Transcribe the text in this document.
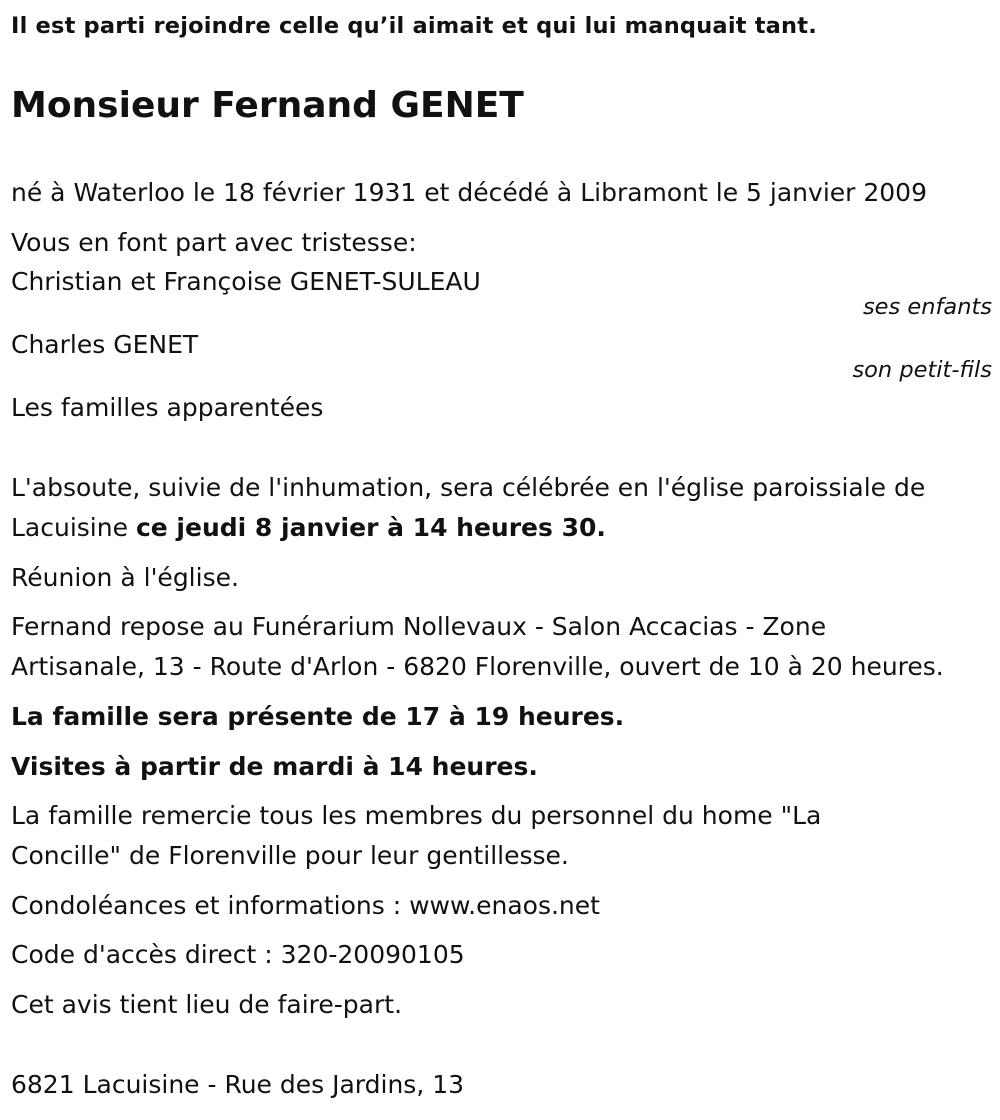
Il est parti rejoindre celle qu’il aimait et qui lui manquait tant.
Monsieur Fernand GENET
né à Waterloo le 18 février 1931 et décédé à Libramont le 5 janvier 2009
Vous en font part avec tristesse:
Christian et Françoise GENET-SULEAU
ses enfants
Charles GENET
son petit-fils
Les familles apparentées
L'absoute, suivie de l'inhumation, sera célébrée en l'église paroissiale de
Lacuisine ce jeudi 8 janvier à 14 heures 30.
Réunion à l'église.
Fernand repose au Funérarium Nollevaux - Salon Accacias - Zone
Artisanale, 13 - Route d'Arlon - 6820 Florenville, ouvert de 10 à 20 heures.
La famille sera présente de 17 à 19 heures.
Visites à partir de mardi à 14 heures.
La famille remercie tous les membres du personnel du home "La
Concille" de Florenville pour leur gentillesse.
Condoléances et informations : www.enaos.net
Code d'accès direct : 320-20090105
Cet avis tient lieu de faire-part.
6821 Lacuisine - Rue des Jardins, 13
